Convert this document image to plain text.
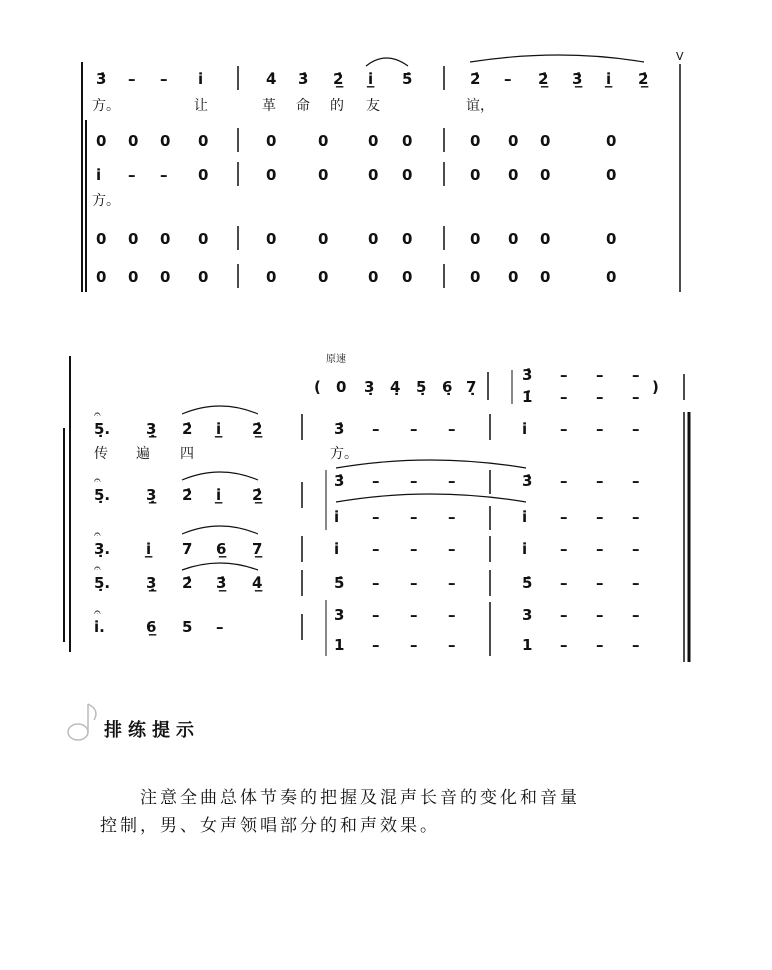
V
3̇ – – i̇	4̇ 3̇ 2̲̇ i̲̇ 5̇	2̇ – 2̲̇ 3̲̇ i̲̇ 2̲̇
方。	让	革 命 的 友	谊，
0 0 0 0	0	0	0 0	0 0 0	0
i̇ – – 0	0	0	0 0	0 0 0	0
方。
0 0 0 0	0	0	0 0	0 0 0	0
0 0 0 0	0	0	0 0	0 0 0	0
原速
( 0 3̣ 4̣ 5̣ 6̣ 7̣
3̇ – – –
)
1̇ – – –
𝄐
5̣. 3̲̣ 2̇ i̲̇ 2̲̇	3̇ – – –	i̇ – – –
传 遍 四	方。
𝄐
5̣. 3̲̣ 2̇ i̲̇ 2̲̇
3̇ – – –	3̇ – – –
i̇ – – –	i̇ – – –
𝄐
3̣. i̲ 7 6̲ 7̲	i̇ – – –	i̇ – – –
𝄐
5̣. 3̲̣ 2̇ 3̲̇ 4̲̇	5̇ – – –	5̇ – – –
𝄐
i̇.	6̲ 5 –
3 – – –	3 – – –
1 – – –	1 – – –
排练提示
注意全曲总体节奏的把握及混声长音的变化和音量
控制，男、女声领唱部分的和声效果。
